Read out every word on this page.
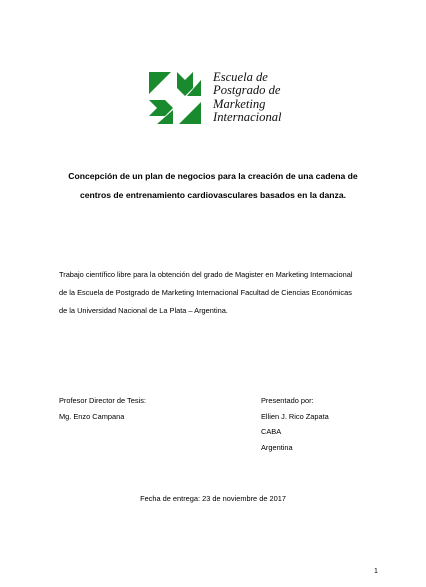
Escuela de
Postgrado de
Marketing
Internacional
Concepción de un plan de negocios para la creación de una cadena de
centros de entrenamiento cardiovasculares basados en la danza.
Trabajo científico libre para la obtención del grado de Magister en Marketing Internacional
de la Escuela de Postgrado de Marketing Internacional Facultad de Ciencias Económicas
de la Universidad Nacional de La Plata – Argentina.
Profesor Director de Tesis:
Mg. Enzo Campana
Presentado por:
Ellien J. Rico Zapata
CABA
Argentina
Fecha de entrega: 23 de noviembre de 2017
1
